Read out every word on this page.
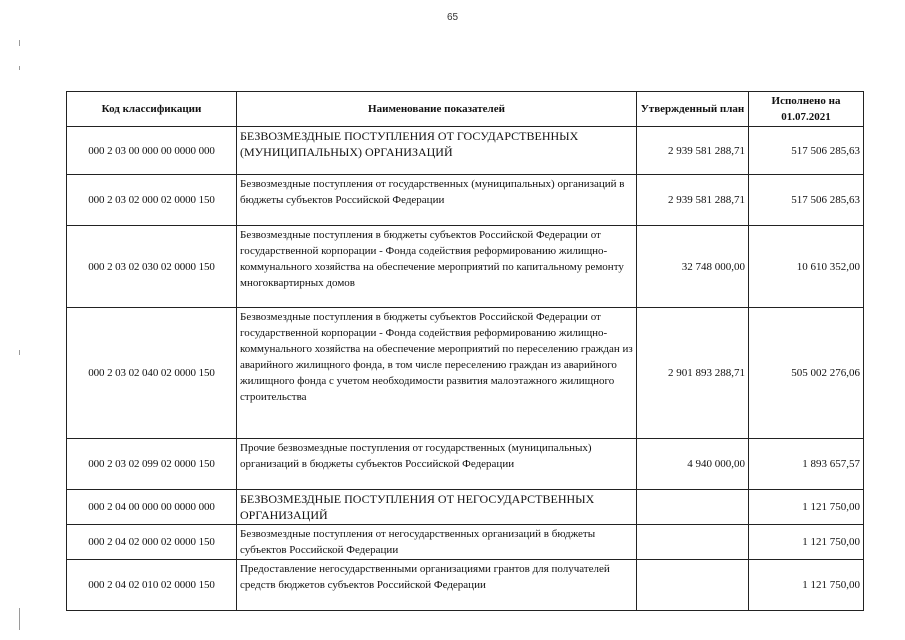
65
Код классификации	Наименование показателей	Утвержденный план	Исполнено на 01.07.2021
000 2 03 00 000 00 0000 000	БЕЗВОЗМЕЗДНЫЕ ПОСТУПЛЕНИЯ ОТ ГОСУДАРСТВЕННЫХ (МУНИЦИПАЛЬНЫХ) ОРГАНИЗАЦИЙ	2 939 581 288,71	517 506 285,63
000 2 03 02 000 02 0000 150	Безвозмездные поступления от государственных (муниципальных) организаций в бюджеты субъектов Российской Федерации	2 939 581 288,71	517 506 285,63
000 2 03 02 030 02 0000 150	Безвозмездные поступления в бюджеты субъектов Российской Федерации от государственной корпорации - Фонда содействия реформированию жилищно-коммунального хозяйства на обеспечение мероприятий по капитальному ремонту многоквартирных домов	32 748 000,00	10 610 352,00
000 2 03 02 040 02 0000 150	Безвозмездные поступления в бюджеты субъектов Российской Федерации от государственной корпорации - Фонда содействия реформированию жилищно-коммунального хозяйства на обеспечение мероприятий по переселению граждан из аварийного жилищного фонда, в том числе переселению граждан из аварийного жилищного фонда с учетом необходимости развития малоэтажного жилищного строительства	2 901 893 288,71	505 002 276,06
000 2 03 02 099 02 0000 150	Прочие безвозмездные поступления от государственных (муниципальных) организаций в бюджеты субъектов Российской Федерации	4 940 000,00	1 893 657,57
000 2 04 00 000 00 0000 000	БЕЗВОЗМЕЗДНЫЕ ПОСТУПЛЕНИЯ ОТ НЕГОСУДАРСТВЕННЫХ ОРГАНИЗАЦИЙ		1 121 750,00
000 2 04 02 000 02 0000 150	Безвозмездные поступления от негосударственных организаций в бюджеты субъектов Российской Федерации		1 121 750,00
000 2 04 02 010 02 0000 150	Предоставление негосударственными организациями грантов для получателей средств бюджетов субъектов Российской Федерации		1 121 750,00
